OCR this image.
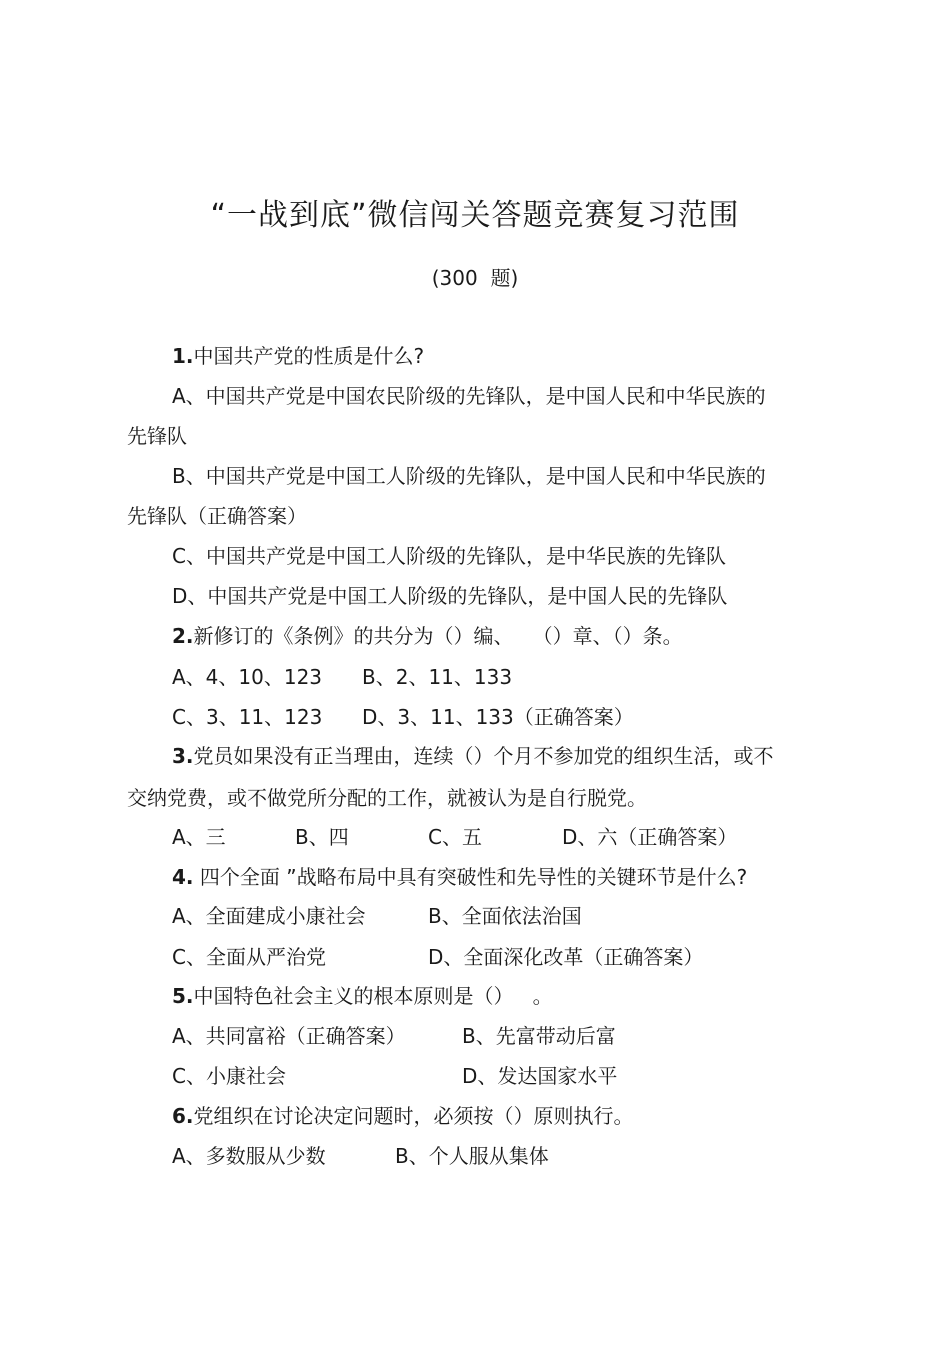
“一战到底”微信闯关答题竞赛复习范围
(300  题)
1.中国共产党的性质是什么?
A、中国共产党是中国农民阶级的先锋队，是中国人民和中华民族的
先锋队
B、中国共产党是中国工人阶级的先锋队，是中国人民和中华民族的
先锋队（正确答案）
C、中国共产党是中国工人阶级的先锋队，是中华民族的先锋队
D、中国共产党是中国工人阶级的先锋队，是中国人民的先锋队
2.新修订的《条例》的共分为（）编、   （）章、（）条。
A、4、10、123 B、2、11、133
C、3、11、123 D、3、11、133（正确答案）
3.党员如果没有正当理由，连续（）个月不参加党的组织生活，或不
交纳党费，或不做党所分配的工作，就被认为是自行脱党。
A、三	B、四	C、五	D、六（正确答案）
4. 四个全面 ”战略布局中具有突破性和先导性的关键环节是什么?
A、全面建成小康社会	B、全面依法治国
C、全面从严治党	D、全面深化改革（正确答案）
5.中国特色社会主义的根本原则是（）   。
A、共同富裕（正确答案）	B、先富带动后富
C、小康社会	D、发达国家水平
6.党组织在讨论决定问题时，必须按（）原则执行。
A、多数服从少数	B、个人服从集体
